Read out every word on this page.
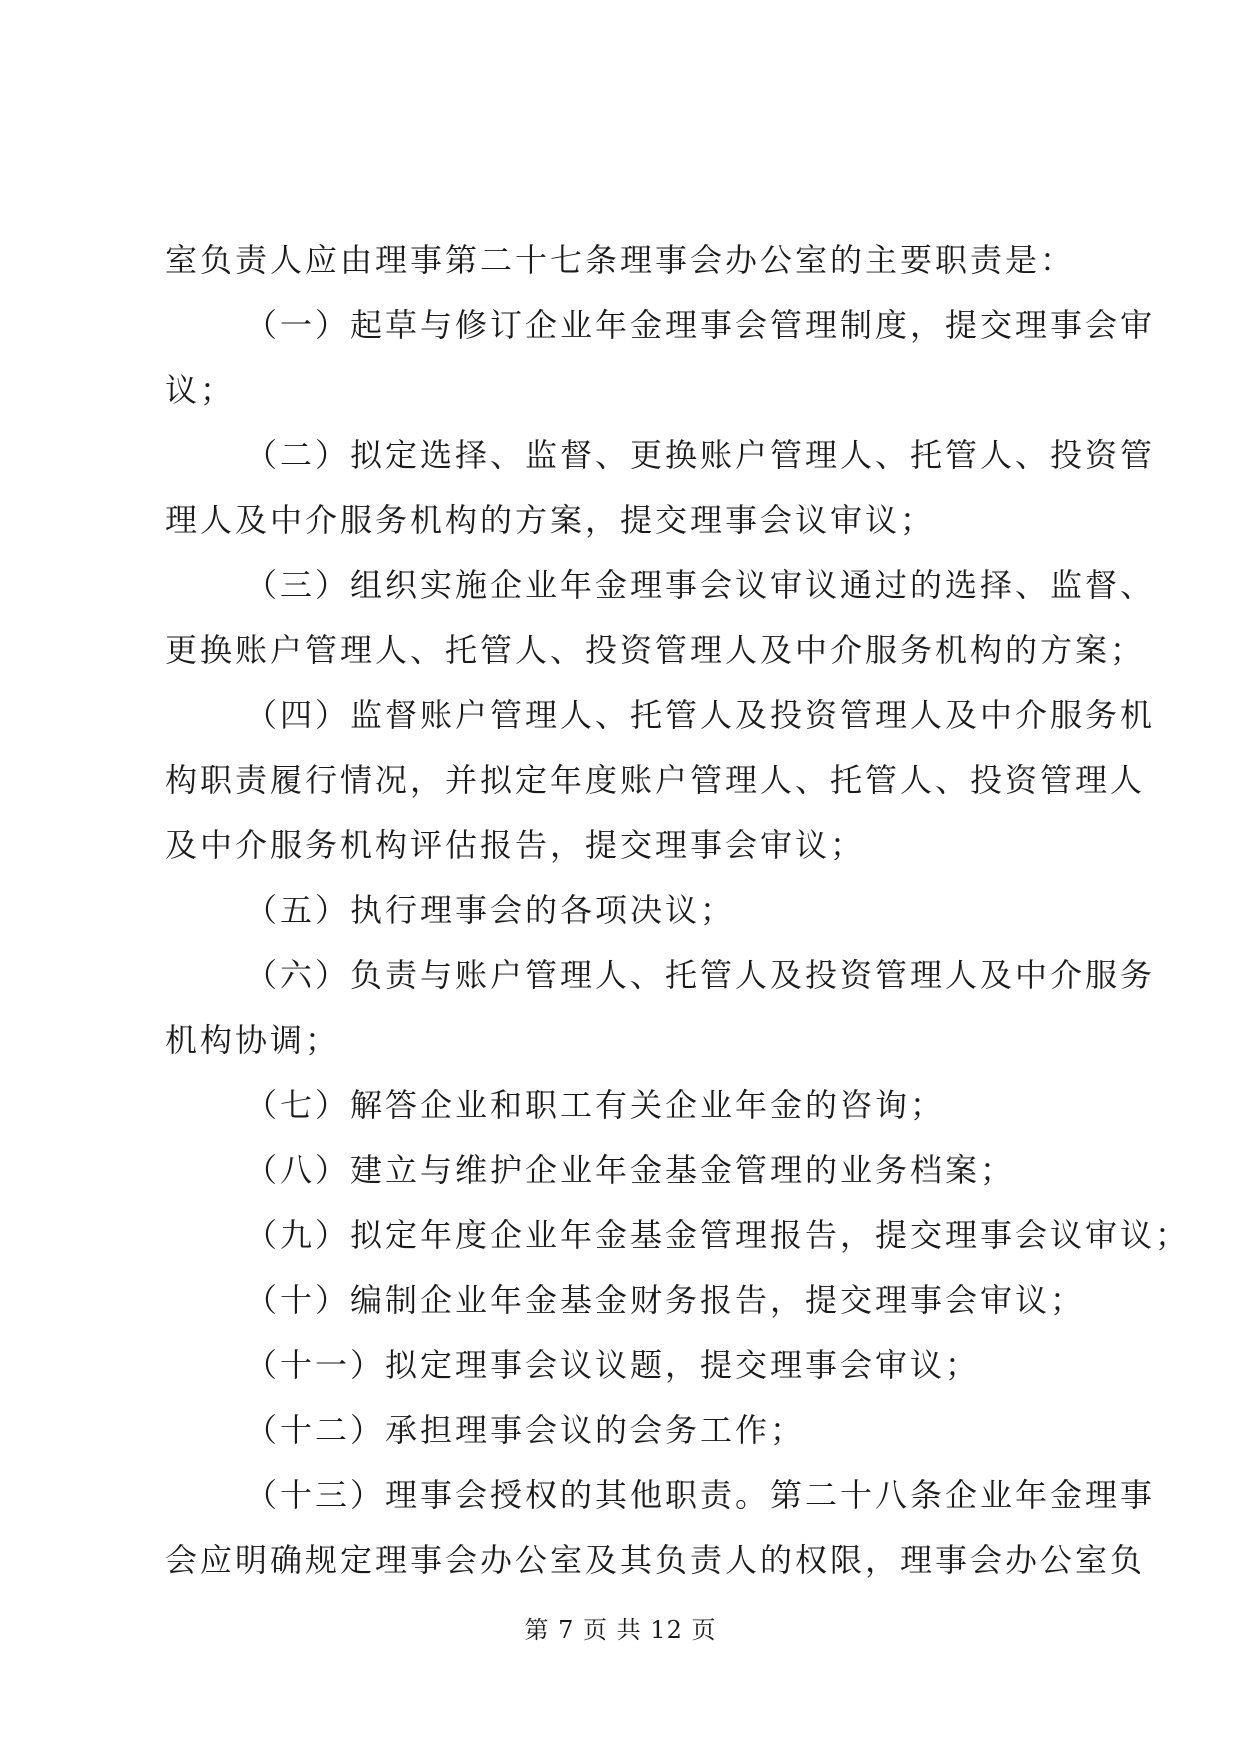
室负责人应由理事第二十七条理事会办公室的主要职责是：
（一）起草与修订企业年金理事会管理制度，提交理事会审
议；
（二）拟定选择、监督、更换账户管理人、托管人、投资管
理人及中介服务机构的方案，提交理事会议审议；
（三）组织实施企业年金理事会议审议通过的选择、监督、
更换账户管理人、托管人、投资管理人及中介服务机构的方案；
（四）监督账户管理人、托管人及投资管理人及中介服务机
构职责履行情况，并拟定年度账户管理人、托管人、投资管理人
及中介服务机构评估报告，提交理事会审议；
（五）执行理事会的各项决议；
（六）负责与账户管理人、托管人及投资管理人及中介服务
机构协调；
（七）解答企业和职工有关企业年金的咨询；
（八）建立与维护企业年金基金管理的业务档案；
（九）拟定年度企业年金基金管理报告，提交理事会议审议；
（十）编制企业年金基金财务报告，提交理事会审议；
（十一）拟定理事会议议题，提交理事会审议；
（十二）承担理事会议的会务工作；
（十三）理事会授权的其他职责。第二十八条企业年金理事
会应明确规定理事会办公室及其负责人的权限，理事会办公室负
第 7 页 共 12 页
